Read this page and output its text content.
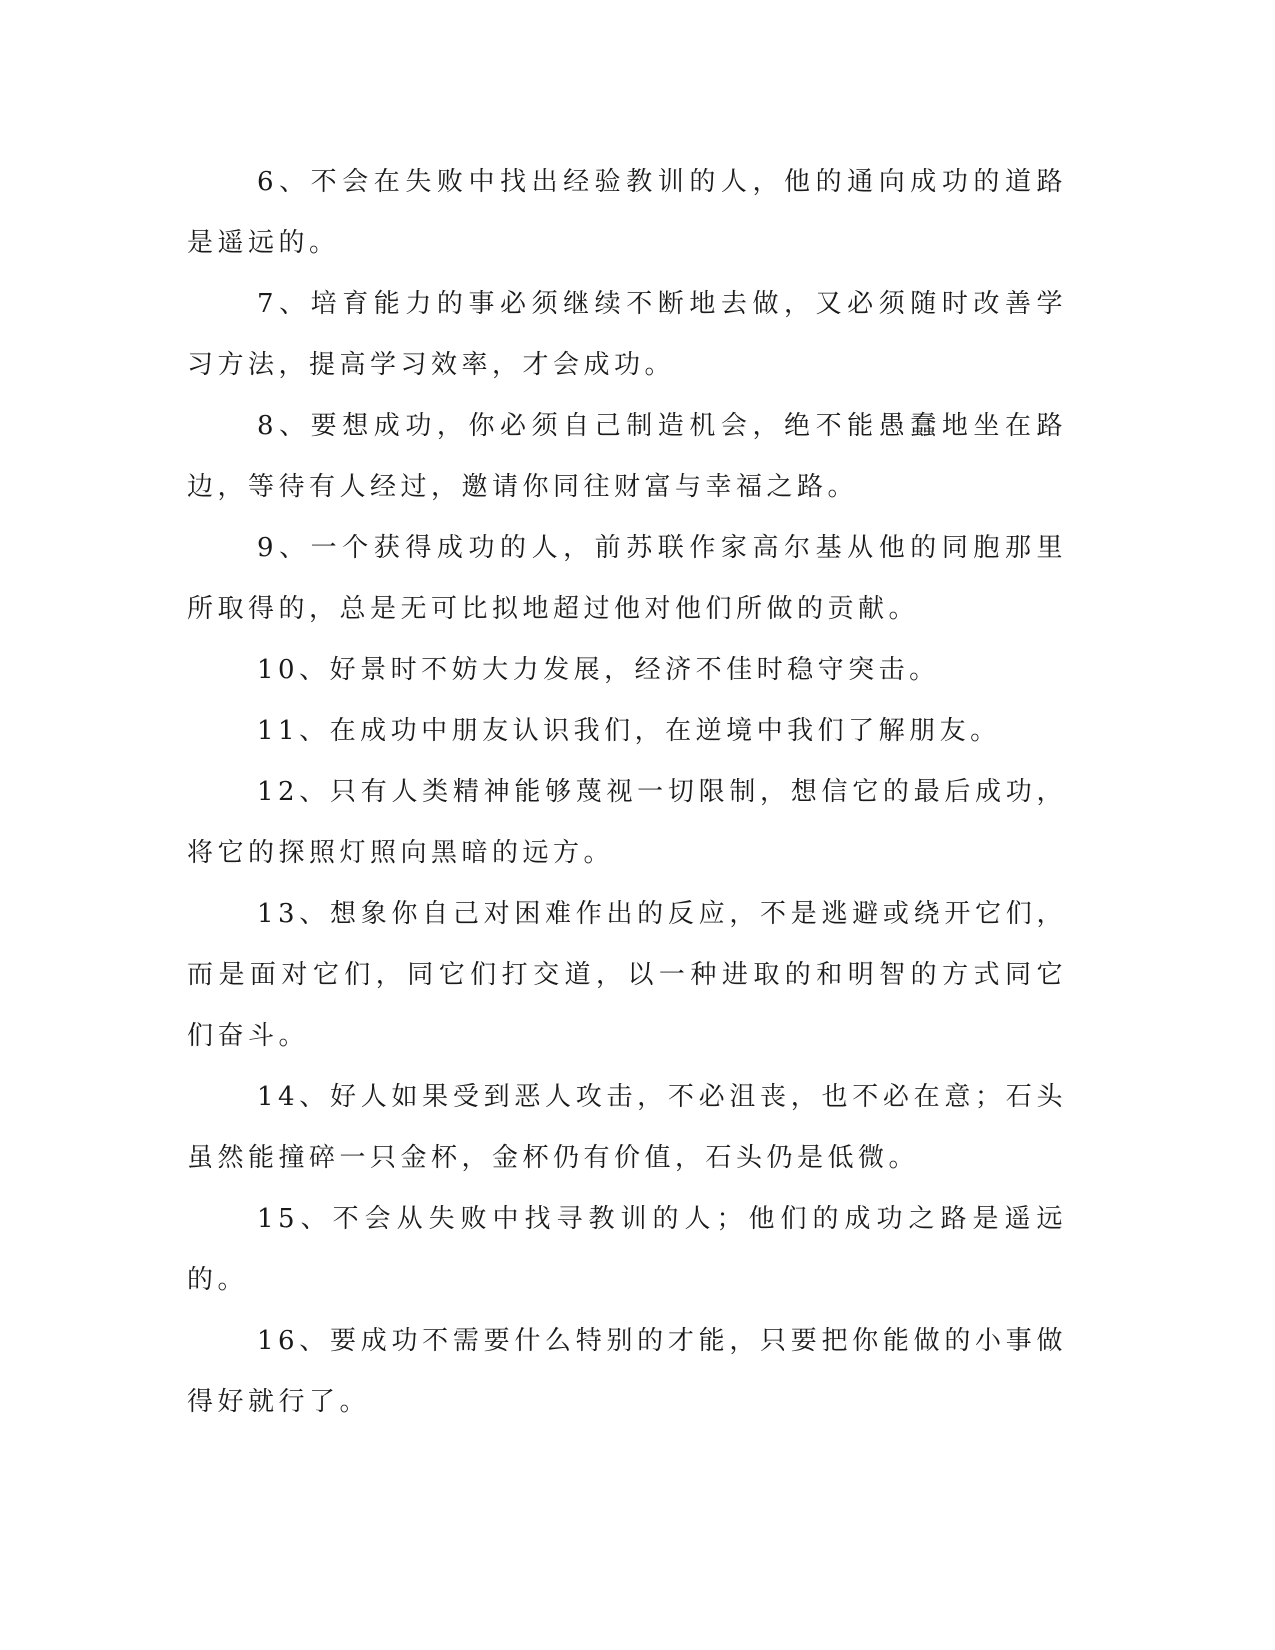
6、不会在失败中找出经验教训的人，他的通向成功的道路是遥远的。

7、培育能力的事必须继续不断地去做，又必须随时改善学习方法，提高学习效率，才会成功。

8、要想成功，你必须自己制造机会，绝不能愚蠢地坐在路边，等待有人经过，邀请你同往财富与幸福之路。

9、一个获得成功的人，前苏联作家高尔基从他的同胞那里所取得的，总是无可比拟地超过他对他们所做的贡献。

10、好景时不妨大力发展，经济不佳时稳守突击。

11、在成功中朋友认识我们，在逆境中我们了解朋友。

12、只有人类精神能够蔑视一切限制，想信它的最后成功，将它的探照灯照向黑暗的远方。

13、想象你自己对困难作出的反应，不是逃避或绕开它们，而是面对它们，同它们打交道，以一种进取的和明智的方式同它们奋斗。

14、好人如果受到恶人攻击，不必沮丧，也不必在意；石头虽然能撞碎一只金杯，金杯仍有价值，石头仍是低微。

15、不会从失败中找寻教训的人；他们的成功之路是遥远的。

16、要成功不需要什么特别的才能，只要把你能做的小事做得好就行了。
